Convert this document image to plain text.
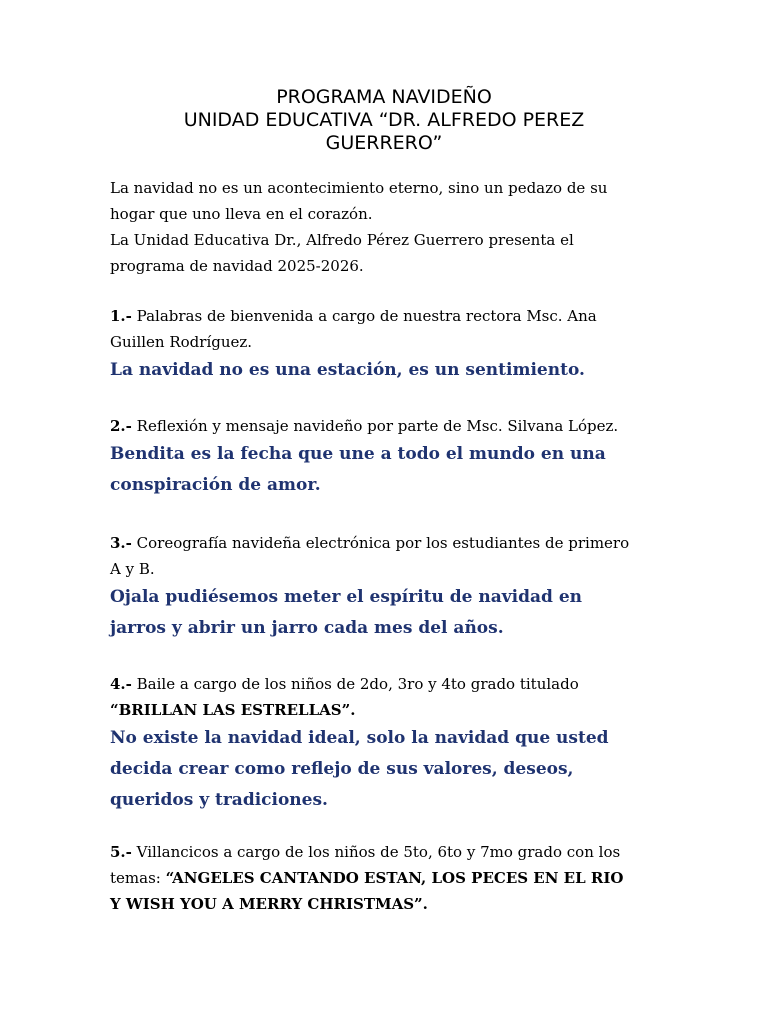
PROGRAMA NAVIDEÑO
UNIDAD EDUCATIVA “DR. ALFREDO PEREZ
GUERRERO”
La navidad no es un acontecimiento eterno, sino un pedazo de su
hogar que uno lleva en el corazón.
La Unidad Educativa Dr., Alfredo Pérez Guerrero presenta el
programa de navidad 2025-2026.
1.- Palabras de bienvenida a cargo de nuestra rectora Msc. Ana
Guillen Rodríguez.
La navidad no es una estación, es un sentimiento.
2.- Reflexión y mensaje navideño por parte de Msc. Silvana López.
Bendita es la fecha que une a todo el mundo en una
conspiración de amor.
3.- Coreografía navideña electrónica por los estudiantes de primero
A y B.
Ojala pudiésemos meter el espíritu de navidad en
jarros y abrir un jarro cada mes del años.
4.- Baile a cargo de los niños de 2do, 3ro y 4to grado titulado
“BRILLAN LAS ESTRELLAS”.
No existe la navidad ideal, solo la navidad que usted
decida crear como reflejo de sus valores, deseos,
queridos y tradiciones.
5.- Villancicos a cargo de los niños de 5to, 6to y 7mo grado con los
temas: “ANGELES CANTANDO ESTAN, LOS PECES EN EL RIO
Y WISH YOU A MERRY CHRISTMAS”.
